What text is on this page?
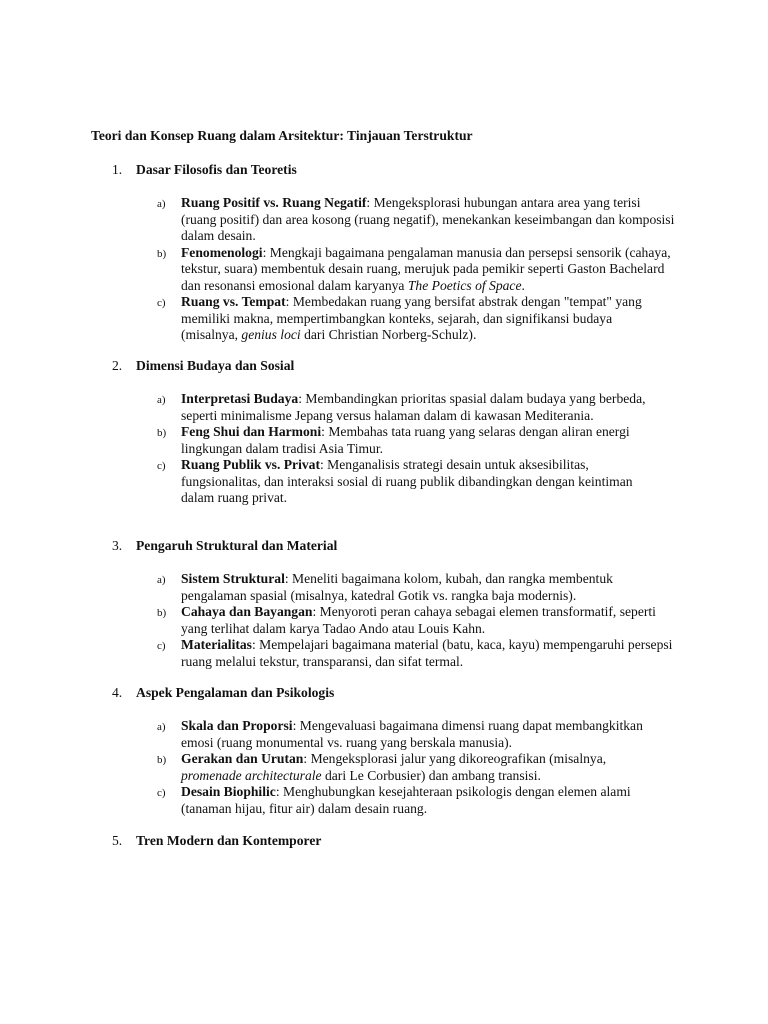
Teori dan Konsep Ruang dalam Arsitektur: Tinjauan Terstruktur
1. Dasar Filosofis dan Teoretis
a) Ruang Positif vs. Ruang Negatif: Mengeksplorasi hubungan antara area yang terisi (ruang positif) dan area kosong (ruang negatif), menekankan keseimbangan dan komposisi dalam desain.
b) Fenomenologi: Mengkaji bagaimana pengalaman manusia dan persepsi sensorik (cahaya, tekstur, suara) membentuk desain ruang, merujuk pada pemikir seperti Gaston Bachelard dan resonansi emosional dalam karyanya The Poetics of Space.
c) Ruang vs. Tempat: Membedakan ruang yang bersifat abstrak dengan "tempat" yang memiliki makna, mempertimbangkan konteks, sejarah, dan signifikansi budaya (misalnya, genius loci dari Christian Norberg-Schulz).
2. Dimensi Budaya dan Sosial
a) Interpretasi Budaya: Membandingkan prioritas spasial dalam budaya yang berbeda, seperti minimalisme Jepang versus halaman dalam di kawasan Mediterania.
b) Feng Shui dan Harmoni: Membahas tata ruang yang selaras dengan aliran energi lingkungan dalam tradisi Asia Timur.
c) Ruang Publik vs. Privat: Menganalisis strategi desain untuk aksesibilitas, fungsionalitas, dan interaksi sosial di ruang publik dibandingkan dengan keintiman dalam ruang privat.
3. Pengaruh Struktural dan Material
a) Sistem Struktural: Meneliti bagaimana kolom, kubah, dan rangka membentuk pengalaman spasial (misalnya, katedral Gotik vs. rangka baja modernis).
b) Cahaya dan Bayangan: Menyoroti peran cahaya sebagai elemen transformatif, seperti yang terlihat dalam karya Tadao Ando atau Louis Kahn.
c) Materialitas: Mempelajari bagaimana material (batu, kaca, kayu) mempengaruhi persepsi ruang melalui tekstur, transparansi, dan sifat termal.
4. Aspek Pengalaman dan Psikologis
a) Skala dan Proporsi: Mengevaluasi bagaimana dimensi ruang dapat membangkitkan emosi (ruang monumental vs. ruang yang berskala manusia).
b) Gerakan dan Urutan: Mengeksplorasi jalur yang dikoreografikan (misalnya, promenade architecturale dari Le Corbusier) dan ambang transisi.
c) Desain Biophilic: Menghubungkan kesejahteraan psikologis dengan elemen alami (tanaman hijau, fitur air) dalam desain ruang.
5. Tren Modern dan Kontemporer
